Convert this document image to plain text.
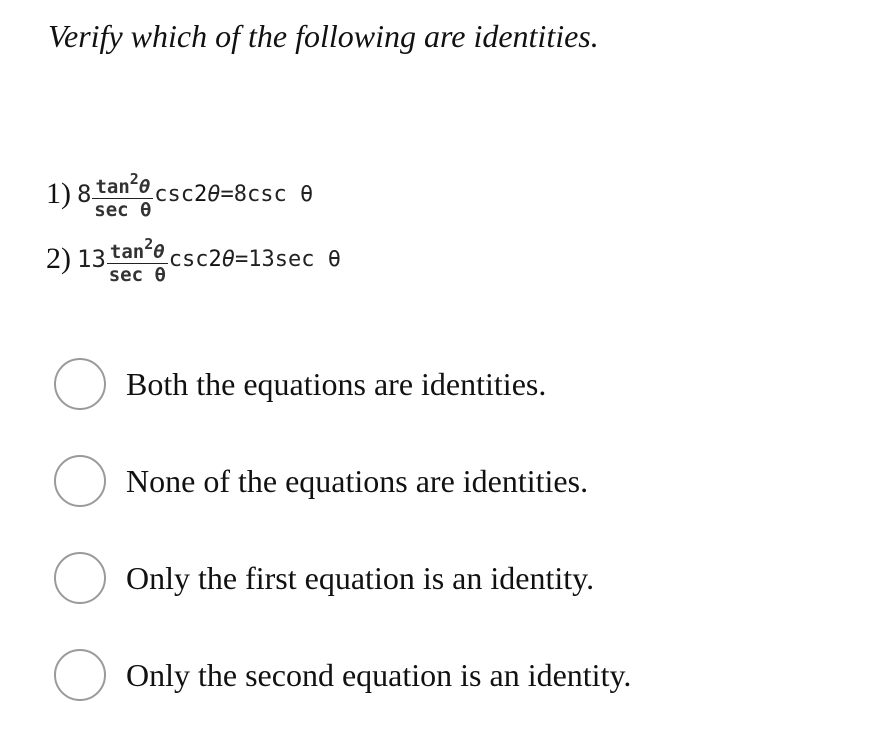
Verify which of the following are identities.
1) $8 \frac{\tan^2\theta}{\text{sec θ}}$ csc 2 θ = 8csc θ
2) $13 \frac{\tan^2\theta}{\text{sec θ}}$ csc 2 θ = 13sec θ
Both the equations are identities.
None of the equations are identities.
Only the first equation is an identity.
Only the second equation is an identity.
